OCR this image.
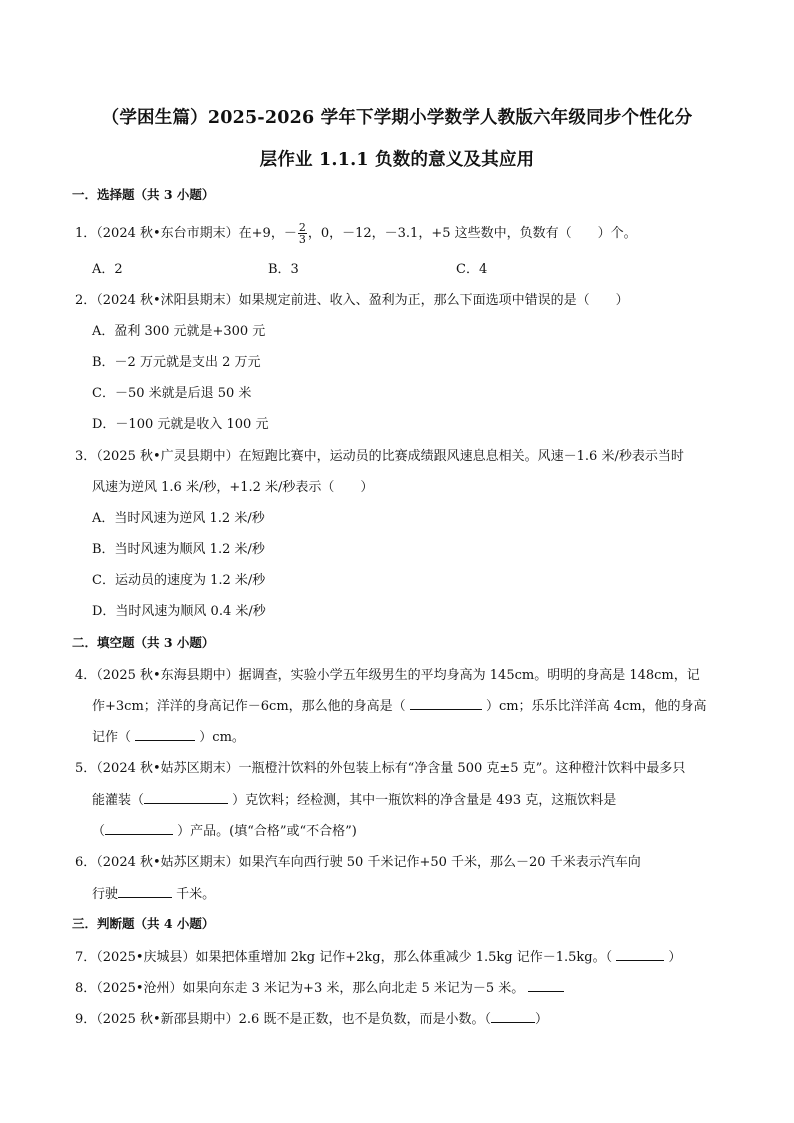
（学困生篇）2025-2026 学年下学期小学数学人教版六年级同步个性化分
层作业 1.1.1 负数的意义及其应用
一．选择题（共 3 小题）
1．（2024 秋•东台市期末）在+9，－ $\frac{2}{3}$ ，0，－12，－3.1，+5 这些数中，负数有（　　）个。
A．2	B．3	C．4
2．（2024 秋•沭阳县期末）如果规定前进、收入、盈利为正，那么下面选项中错误的是（　　）
A．盈利 300 元就是+300 元
B．－2 万元就是支出 2 万元
C．－50 米就是后退 50 米
D．－100 元就是收入 100 元
3．（2025 秋•广灵县期中）在短跑比赛中，运动员的比赛成绩跟风速息息相关。风速－1.6 米/秒表示当时
风速为逆风 1.6 米/秒，+1.2 米/秒表示（　　）
A．当时风速为逆风 1.2 米/秒
B．当时风速为顺风 1.2 米/秒
C．运动员的速度为 1.2 米/秒
D．当时风速为顺风 0.4 米/秒
二．填空题（共 3 小题）
4．（2025 秋•东海县期中）据调查，实验小学五年级男生的平均身高为 145cm。明明的身高是 148cm，记
作+3cm；洋洋的身高记作－6cm，那么他的身高是（	）cm；乐乐比洋洋高 4cm，他的身高
记作（	）cm。
5．（2024 秋•姑苏区期末）一瓶橙汁饮料的外包装上标有“净含量 500 克±5 克”。这种橙汁饮料中最多只
能灌装（	）克饮料；经检测，其中一瓶饮料的净含量是 493 克，这瓶饮料是
（	）产品。(填“合格”或“不合格”)
6．（2024 秋•姑苏区期末）如果汽车向西行驶 50 千米记作+50 千米，那么－20 千米表示汽车向
行驶	千米。
三．判断题（共 4 小题）
7．（2025•庆城县）如果把体重增加 2kg 记作+2kg，那么体重减少 1.5kg 记作－1.5kg。（	）
8．（2025•沧州）如果向东走 3 米记为+3 米，那么向北走 5 米记为－5 米。
9．（2025 秋•新邵县期中）2.6 既不是正数，也不是负数，而是小数。（	）
